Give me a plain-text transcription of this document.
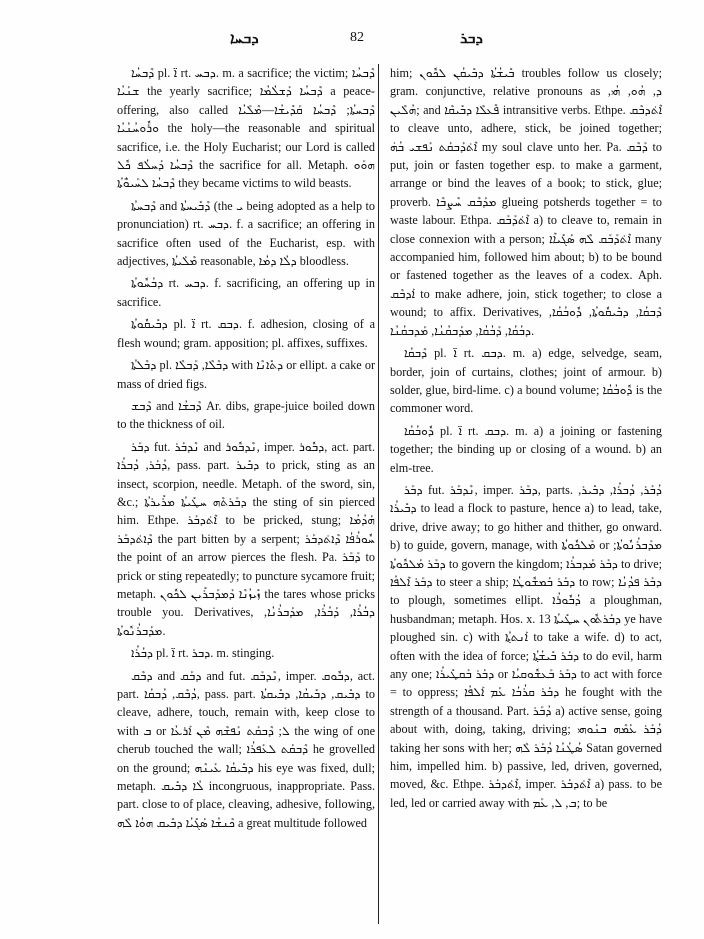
ܕܒܚܐ	82	ܕܒܪ

ܕܶܒܚܳܐ pl. ܐ̈ rt. ܕܒܚ. m. a sacrifice; the victim; ܕܶܒܚܳܐ ܫܢܰܝܳܐ the yearly sacrifice; ܕܶܒܚܳܐ ܕܰܫܠܳܡܳܐ a peace-offering, also called ܕܶܒܚܬܳܐ; ܕܶܒܚܳܐ ܩܰܕܺܝܫܳܐ—ܡܶܠܰܝܳܐ ܘܪܽܘܚܳܢܳܝܳܐ the holy—the reasonable and spiritual sacrifice, i.e. the Holy Eucharist; our Lord is called ܕܶܒܚܳܐ ܕܰܚܠܳܦ ܟܽܠ the sacrifice for all. Metaph. ܗܘܰܘ ܕܶܒܚܳܐ ܠܚܰܝܘ̈ܳܬܳܐ they became victims to wild beasts.

ܕܶܒܚܬܳܐ and ܕܶܒܺܝܚܬܳܐ (the ܝ being adopted as a help to pronunciation) rt. ܕܒܚ. f. a sacrifice; an offering in sacrifice often used of the Eucharist, esp. with adjectives, ܡܶܠܰܝܬܳܐ reasonable, ܕܠܳܐ ܕܡܳܐ bloodless.

ܕܒܳܚܽܘܬܳܐ rt. ܕܒܚ. f. sacrificing, an offering up in sacrifice.

ܕܒܺܝܩܽܘܬܳܐ pl. ܐ̈ rt. ܕܒܩ. f. adhesion, closing of a flesh wound; gram. apposition; pl. affixes, suffixes.

ܕܒܶܠܬܳܐ pl. ܕܒܶܠܶܐ, ܕܰܒܠܶܐ with ܕܬܺܐܢܶܐ or ellipt. a cake or mass of dried figs.

ܕܶܒܫ and ܕܶܒܫܳܐ Ar. dibs, grape-juice boiled down to the thickness of oil.

ܕܒܰܪ fut. ܢܶܕܒܰܪ and ܢܶܕܒܽܘܪ, imper. ܕܒܽܘܪ, act. part. ܕܳܒܰܪ, ܕܳܒܪܳܐ, pass. part. ܕܒܺܝܪ to prick, sting as an insect, scorpion, needle. Metaph. of the sword, sin, &c.; ܕܒܰܪܬܶܗ ܚܛܺܝܬܳܐ ܡܪܺܝܪܬܳܐ the sting of sin pierced him. Ethpe. ܐܶܬ݁ܕܒܰܪ to be pricked, stung; ܗܰܕܳܡܳܐ ܕܶܐܬ݁ܕܒܰܪ the part bitten by a serpent; ܚܽܘܪܳܦܳܐ ܕܶܐܬ݁ܕܒܰܪ the point of an arrow pierces the flesh. Pa. ܕܰܒܰܪ to prick or sting repeatedly; to puncture sycamore fruit; metaph. ܙܺܝܙܳܢܶܐ ܕܰܡܕܰܒܪܺܝܢ ܠܟܽܘܢ the tares whose pricks trouble you. Derivatives, ܕܒܳܪܳܐ, ܕܰܒܳܪܳܐ, ܡܕܰܒܪܳܢܳܐ, ܡܕܰܒܪܳܢܽܘܬܳܐ.

ܕܒܳܪܳܐ pl. ܐ̈ rt. ܕܒܪ. m. stinging.

ܕܒܶܩ and ܕܒܰܩ and fut. ܢܶܕܒܰܩ, imper. ܕܒܽܘܩ, act. part. ܕܳܒܶܩ, ܕܳܒܩܳܐ, pass. part. ܕܒܺܝܩ, ܕܒܺܝܩܳܐ, ܕܒܺܝܩܬܳܐ to cleave, adhere, touch, remain with, keep close to with ܒ or ܠ; ܕܶܒܩܰܬ ܢܰܦܫܶܗ ܡܶܢ ܐܰܪܥܳܐ the wing of one cherub touched the wall; ܕܶܒܩܰܬ ܠܥܰܦܪܳܐ he grovelled on the ground; ܕܒܺܝܩܳܐ ܥܰܝܢܶܗ his eye was fixed, dull; metaph. ܠܳܐ ܕܒܺܝܩ incongruous, inappropriate. Pass. part. close to of place, cleaving, adhesive, following, ܟܶܢܫܳܐ ܣܰܓܺܝܳܐ ܕܒܺܝܩ ܗܘܳܐ ܠܶܗ a great multitude followed

him; ܒܺܝܫܳܬܳܐ ܕܒܺܝܩܳܢ ܠܟܽܘܢ troubles follow us closely; gram. conjunctive, relative pronouns as ܕ, ܗܳܘ, ܗܳܝ, ܗܳܠܶܝܢ; and ܦܶܥܠܶܐ ܕܒܺܝܩܶܐ intransitive verbs. Ethpe. ܐܶܬ݁ܕܒܶܩ to cleave unto, adhere, stick, be joined together; ܐܶܬ݁ܕܰܒܩܰܬ ܢܰܦܫܝ ܒܳܗ̇ my soul clave unto her. Pa. ܕܰܒܶܩ to put, join or fasten together esp. to make a garment, arrange or bind the leaves of a book; to stick, glue; proverb. ܡܕܰܒܶܩ ܚܶܨܒܶܐ glueing potsherds together = to waste labour. Ethpa. ܐܶܬ݁ܕܰܒܰܩ a) to cleave to, remain in close connexion with a person; ܐܶܬ݁ܕܰܒܰܩ ܠܶܗ ܣܰܓܺܝܐܶܐ many accompanied him, followed him about; b) to be bound or fastened together as the leaves of a codex. Aph. ܐܰܕܒܶܩ to make adhere, join, stick together; to close a wound; to affix. Derivatives, ܕܶܒܩܳܐ, ܕܒܺܝܩܽܘܬܳܐ, ܕܽܘܒܳܩܳܐ, ܕܒܳܩܳܐ, ܕܰܒܳܩܳܐ, ܡܕܰܒܩܳܢܳܐ, ܡܰܕܒܩܳܢܳܐ.

ܕܶܒܩܳܐ pl. ܐ̈ rt. ܕܒܩ. m. a) edge, selvedge, seam, border, join of curtains, clothes; joint of armour. b) solder, glue, bird-lime. c) a bound volume; ܕܽܘܒܳܩܳܐ is the commoner word.

ܕܽܘܒܳܩܳܐ pl. ܐ̈ rt. ܕܒܩ. m. a) a joining or fastening together; the binding up or closing of a wound. b) an elm-tree.

ܕܒܰܪ fut. ܢܶܕܒܰܪ, imper. ܕܒܰܪ, parts. ܕܳܒܰܪ, ܕܳܒܪܳܐ, ܕܒܺܝܪ, ܕܒܺܝܪܳܐ to lead a flock to pasture, hence a) to lead, take, drive, drive away; to go hither and thither, go onward. b) to guide, govern, manage, with ܡܰܠܟܽܘܬܳܐ or ܡܕܰܒܪܳܢܽܘܬܳܐ; ܕܒܰܪ ܡܰܠܟܽܘܬܳܐ to govern the kingdom; ܕܒܰܪ ܡܰܕܒܪܳܐ to drive; ܕܒܰܪ ܐܶܠܦܳܐ to steer a ship; ܕܒܰܪ ܒܰܡܫܽܘܛܳܐ to row; ܕܒܰܪ ܦܕܳܢܳܐ to plough, sometimes ellipt. ܕܳܒܽܘܪܳܐ a ploughman, husbandman; metaph. Hos. x. 13 ܕܒܰܪܬܽܘܢ ܚܛܺܝܬܳܐ ye have ploughed sin. c) with ܐܰܢܬܬ݂ܳܐ to take a wife. d) to act, often with the idea of force; ܕܒܰܪ ܒܺܝܫܳܬ݂ܳܐ to do evil, harm any one; ܕܒܰܪ ܒܰܩܛܺܝܪܳܐ or ܕܒܰܪ ܒܰܥܫܽܘܩܝܳܐ to act with force = to oppress; ܕܒܰܪ ܩܪܳܒܳܐ ܥܰܡ ܐܰܠܦܳܐ he fought with the strength of a thousand. Part. ܕܳܒܰܪ a) active sense, going about with, doing, taking, driving; ܕܳܒܰܪ ܥܰܡܶܗ ܒܢܰܘܗܝ taking her sons with her; ܣܳܛܳܢܳܐ ܕܳܒܰܪ ܠܶܗ Satan governed him, impelled him. b) passive, led, driven, governed, moved, &c. Ethpe. ܐܶܬ݁ܕܒܰܪ, imper. ܐܶܬ݁ܕܒܰܪ a) pass. to be led, led or carried away with ܒ, ܠ, ܥܰܡ; to be
